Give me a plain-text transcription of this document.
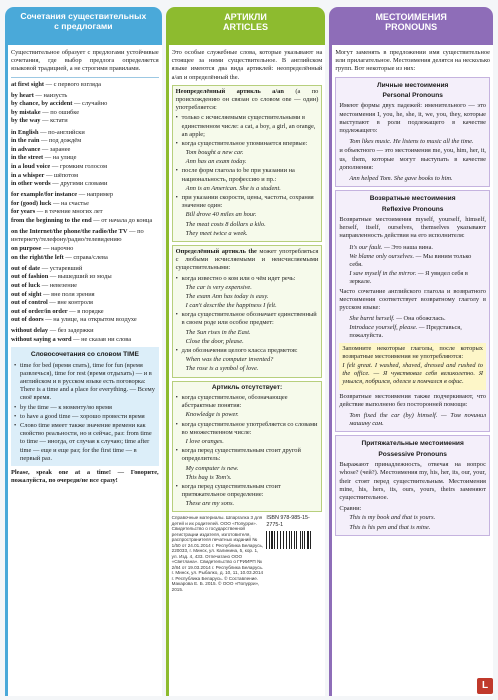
Сочетания существительных
с предлогами

Существительное образует с предлогами устойчивые сочетания, где выбор предлога определяется языковой традицией, а не строгими правилами.

at first sight — с первого взгляда
by heart — наизусть
by chance, by accident — случайно
by mistake — по ошибке
by the way — кстати
in English — по-английски
in the rain — под дождём
in advance — заранее
in the street — на улице
in a loud voice — громким голосом
in a whisper — шёпотом
in other words — другими словами
for example/for instance — например
for (good) luck — на счастье
for years — в течение многих лет
from the beginning to the end — от начала до конца
on the Internet/the phone/the radio/the TV — по интернету/телефону/радио/телевидению
on purpose — нарочно
on the right/the left — справа/слева
out of date — устаревший
out of fashion — вышедший из моды
out of luck — невезение
out of sight — вне поля зрения
out of control — вне контроля
out of order/in order — в порядке
out of doors — на улице, на открытом воздухе
without delay — без задержки
without saying a word — не сказав ни слова
Словосочетания со словом TIME
• time for bed (время спать), time for fun (время развлечься), time for rest (время отдыхать) — и в английском и в русском языке есть поговорка: There is a time and a place for everything. — Всему своё время.
• by the time — к моменту/во время
• to have a good time — хорошо провести время
• Слово time имеет также значение времени как свойство реальности, но и сейчас, раз: from time to time — иногда, от случая к случаю; time after time — еще и еще раз; for the first time — в первый раз.

Please, speak one at a time! — Говорите, пожалуйста, по очереди/не все сразу!

АРТИКЛИ
ARTICLES

Это особые служебные слова, которые указывают на стоящее за ними существительное. В английском языке имеются два вида артиклей: неопределённый a/an и определённый the.

Неопределённый артикль a/an (а по происхождению он связан со словом one — один) употребляется:

• только с исчисляемыми существительными в единственном числе: a cat, a boy, a girl, an orange, an apple;
• когда существительное упоминается впервые:
Tom bought a new car.
Ann has an exam today.
• после форм глагола to be при указании на национальность, профессию и пр.:
Ann is an American. She is a student.
• при указании скорости, цены, частоты, сохраняя значение один:
Bill drove 40 miles an hour.
The meat costs 8 dollars a kilo.
They meet twice a week.

Определённый артикль the может употребляться с любыми исчисляемыми и неисчисляемыми существительными:

• когда известно о ком или о чём идет речь:
The car is very expensive.
The exam Ann has today is easy.
I can't describe the happiness I felt.
• когда существительное обозначает единственный в своем роде или особое предмет:
The Sun rises in the East.
Close the door, please.
• для обозначения целого класса предметов:
When was the computer invented?
The rose is a symbol of love.
Артикль отсутствует:
• когда существительное, обозначающее абстрактные понятия:
Knowledge is power.
• когда существительное употребляется со словами во множественном числе:
I love oranges.
• когда перед существительным стоит другой определитель:
My computer is new.
This bag is Tom's.
• когда перед существительным стоит притяжательное определение:
These are my sons.
Справочные материалы. Шпаргалка 3 для детей и их родителей. ООО «Попурри». Свидетельство о государственной регистрации издателя, изготовителя, распространителя печатных изданий № 1/50 от 24.01.2014 г. Республика Беларусь, 220033, г. Минск, ул. Калинина, 5, кор. 1, ул. Изд. 4, 433. Отпечатано ООО «Светлана». Свидетельство о ГРИИРП № 2/84 от 19.03.2014 г. Республика Беларусь. г. Минск, ул. Рыбалко, д. 10, 11, 10.03.2014 г. Республика Беларусь. © Составление. Макарова Е. Б. 2015. © ООО «Попурри», 2015.
ISBN 978-985-15-2775-1
МЕСТОИМЕНИЯ
PRONOUNS

Могут заменять в предложении имя существительное или прилагательное. Местоимения делятся на несколько групп. Вот некоторые из них:

Личные местоимения
Personal Pronouns

Имеют формы двух падежей: именительного — это местоимения I, you, he, she, it, we, you, they, которые выступают в роли подлежащего в качестве подлежащего:

Tom likes music. He listens to music all the time.

и объектного — это местоимения me, you, him, her, it, us, them, которые могут выступать в качестве дополнения:

Ann helped Tom. She gave books to him.

Возвратные местоимения
Reflexive Pronouns

Возвратные местоимения myself, yourself, himself, herself, itself, ourselves, themselves указывают направленность действия на его исполнителя:

It's our fault. — Это наша вина.
We blame only ourselves. — Мы виним только себя.
I saw myself in the mirror. — Я увидел себя в зеркале.

Часто сочетание английского глагола и возвратного местоимения соответствует возвратному глаголу в русском языке:

She burnt herself. — Она обожглась.
Introduce yourself, please. — Представься, пожалуйста.

Запомните некоторые глаголы, после которых возвратные местоимения не употребляются:

I felt great. I washed, shaved, dressed and rushed to the office. — Я чувствовал себя великолепно. Я умылся, побрился, оделся и помчался в офис.

Возвратные местоимения также подчеркивают, что действие выполнено без посторонней помощи:

Tom fixed the car (by) himself. — Том починил машину сам.

Притяжательные местоимения
Possessive Pronouns

Выражают принадлежность, отвечая на вопрос whose? (чей?). Местоимения my, his, her, its, our, your, their стоят перед существительным. Местоимения mine, his, hers, its, ours, yours, theirs заменяют существительное.

Сравни:

This is my book and that is yours.
This is his pen and that is mine.
L
